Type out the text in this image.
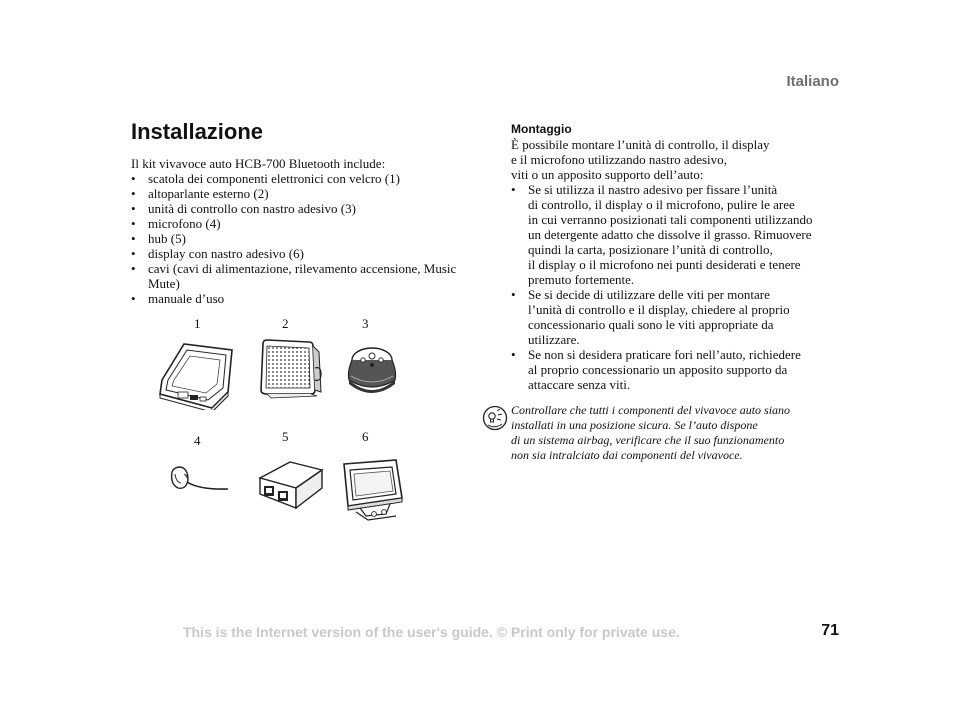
Italiano
Installazione
Il kit vivavoce auto HCB-700 Bluetooth include:
• scatola dei componenti elettronici con velcro (1)
• altoparlante esterno (2)
• unità di controllo con nastro adesivo (3)
• microfono (4)
• hub (5)
• display con nastro adesivo (6)
• cavi (cavi di alimentazione, rilevamento accensione, Music Mute)
• manuale d’uso
1	2	3
4	5	6
Montaggio
È possibile montare l’unità di controllo, il display
e il microfono utilizzando nastro adesivo,
viti o un apposito supporto dell’auto:
• Se si utilizza il nastro adesivo per fissare l’unità
di controllo, il display o il microfono, pulire le aree
in cui verranno posizionati tali componenti utilizzando
un detergente adatto che dissolve il grasso. Rimuovere
quindi la carta, posizionare l’unità di controllo,
il display o il microfono nei punti desiderati e tenere
premuto fortemente.
• Se si decide di utilizzare delle viti per montare
l’unità di controllo e il display, chiedere al proprio
concessionario quali sono le viti appropriate da
utilizzare.
• Se non si desidera praticare fori nell’auto, richiedere
al proprio concessionario un apposito supporto da
attaccare senza viti.
Controllare che tutti i componenti del vivavoce auto siano
installati in una posizione sicura. Se l’auto dispone
di un sistema airbag, verificare che il suo funzionamento
non sia intralciato dai componenti del vivavoce.
This is the Internet version of the user's guide. © Print only for private use.	71
